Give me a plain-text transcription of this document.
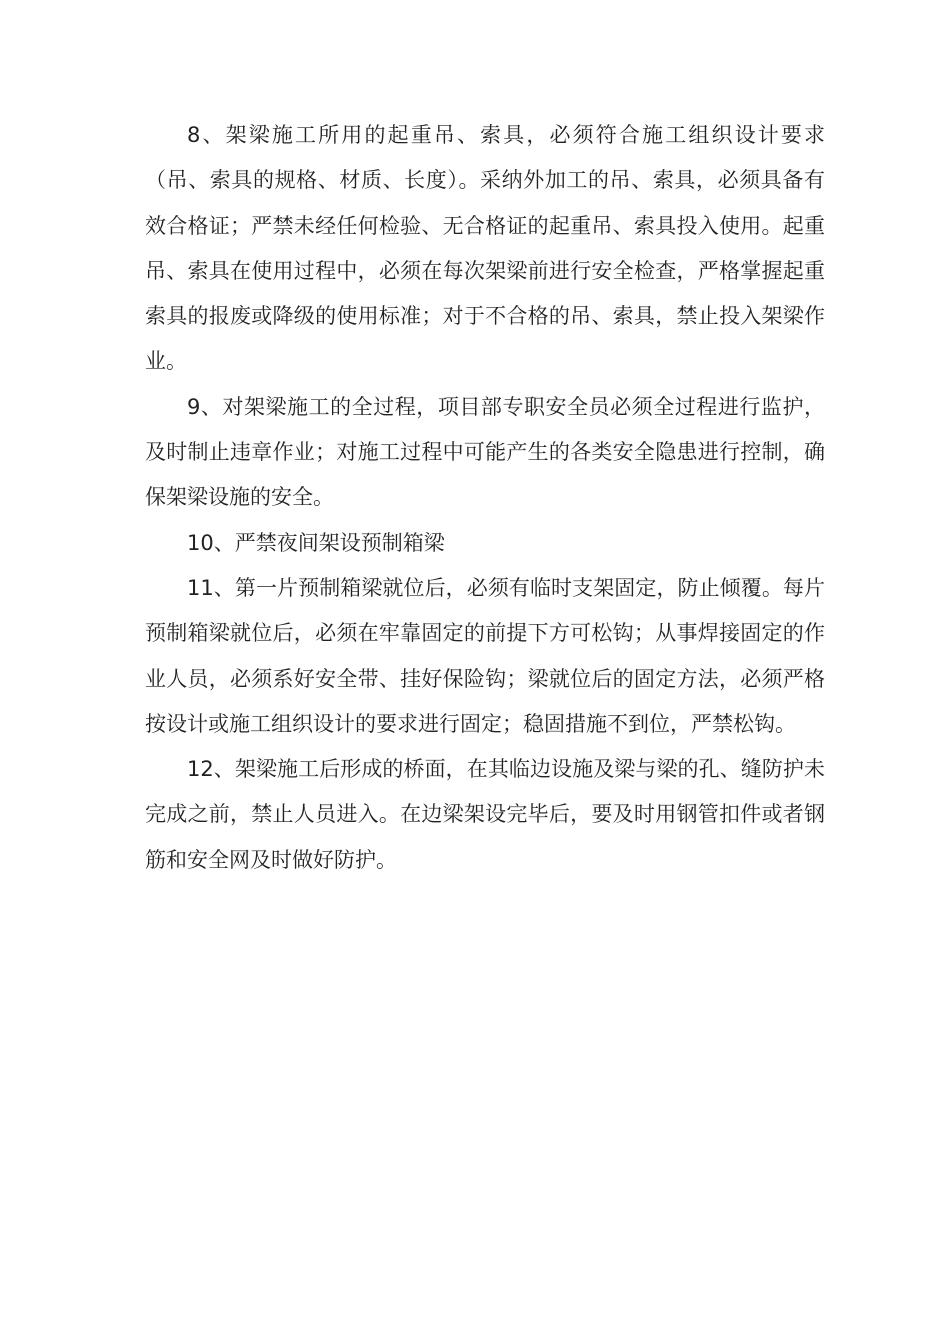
8、架梁施工所用的起重吊、索具，必须符合施工组织设计要求（吊、索具的规格、材质、长度）。采纳外加工的吊、索具，必须具备有效合格证；严禁未经任何检验、无合格证的起重吊、索具投入使用。起重吊、索具在使用过程中，必须在每次架梁前进行安全检查，严格掌握起重索具的报废或降级的使用标准；对于不合格的吊、索具，禁止投入架梁作业。

9、对架梁施工的全过程，项目部专职安全员必须全过程进行监护，及时制止违章作业；对施工过程中可能产生的各类安全隐患进行控制，确保架梁设施的安全。

10、严禁夜间架设预制箱梁

11、第一片预制箱梁就位后，必须有临时支架固定，防止倾覆。每片预制箱梁就位后，必须在牢靠固定的前提下方可松钩；从事焊接固定的作业人员，必须系好安全带、挂好保险钩；梁就位后的固定方法，必须严格按设计或施工组织设计的要求进行固定；稳固措施不到位，严禁松钩。

12、架梁施工后形成的桥面，在其临边设施及梁与梁的孔、缝防护未完成之前，禁止人员进入。在边梁架设完毕后，要及时用钢管扣件或者钢筋和安全网及时做好防护。
